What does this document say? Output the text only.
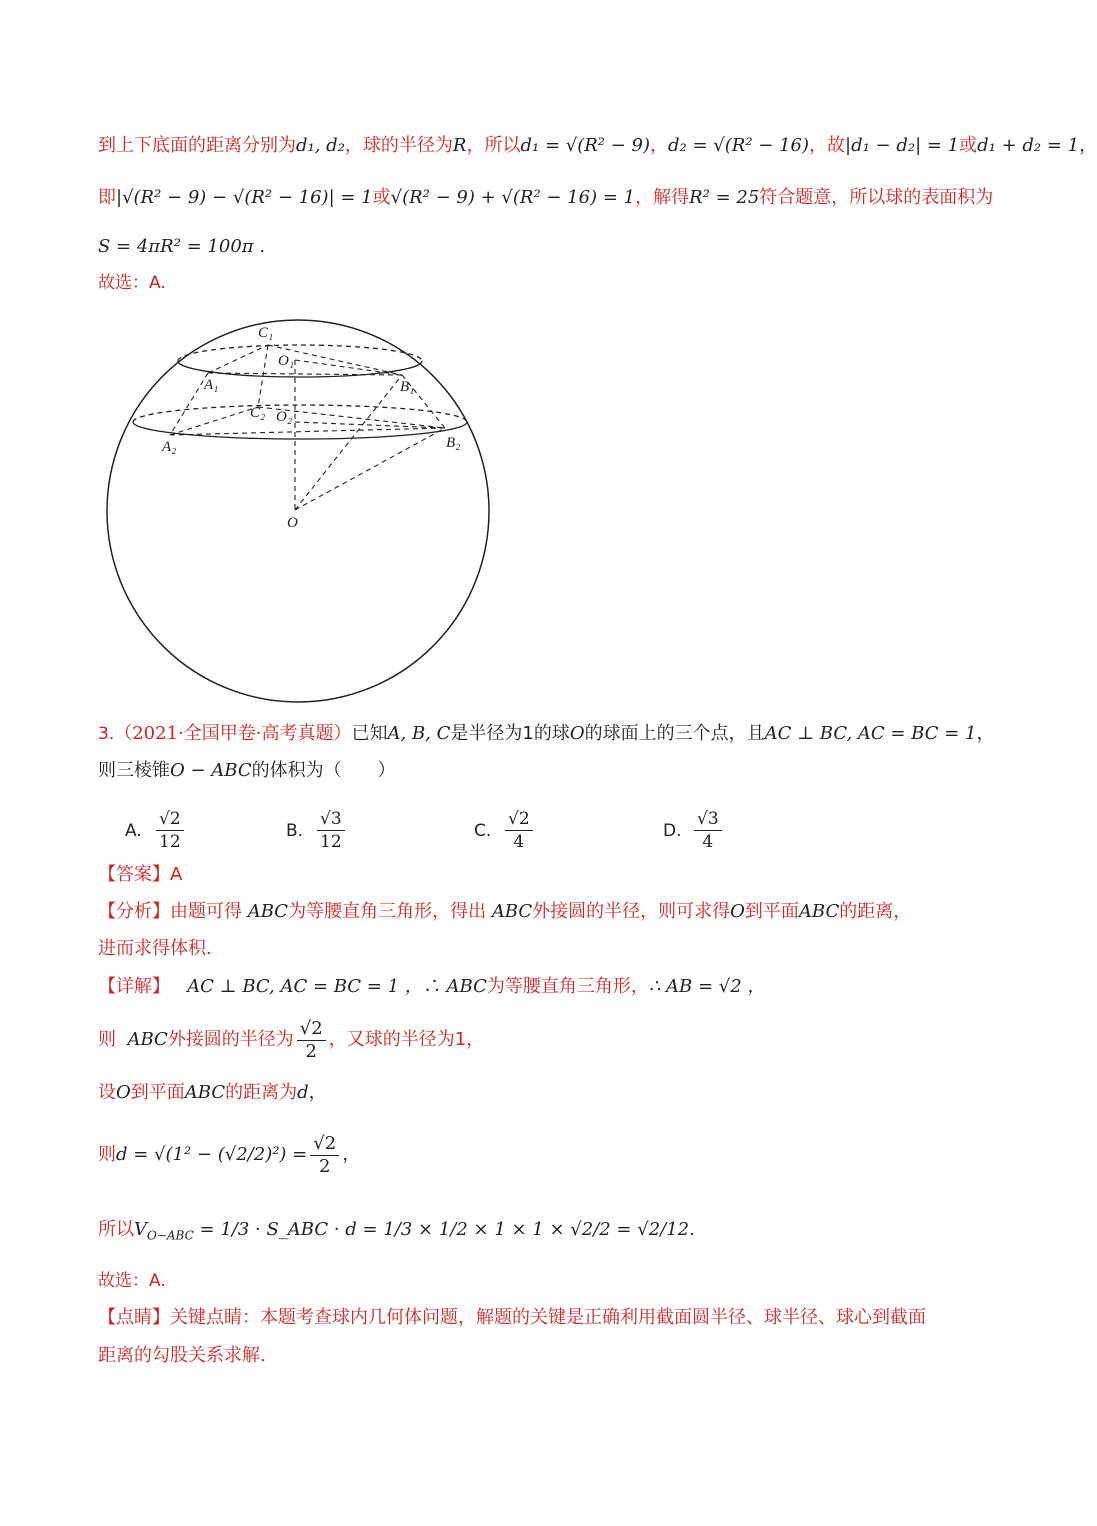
到上下底面的距离分别为d₁, d₂，球的半径为R，所以d₁ = √(R² − 9)，d₂ = √(R² − 16)，故|d₁ − d₂| = 1或d₁ + d₂ = 1，
即|√(R² − 9) − √(R² − 16)| = 1或√(R² − 9) + √(R² − 16) = 1，解得R² = 25符合题意，所以球的表面积为
S = 4πR² = 100π .
故选：A.
C₁
O₁
A₁	B₁
C₂ O₂
A₂	B₂
O
3.（2021·全国甲卷·高考真题）已知A, B, C是半径为1的球O的球面上的三个点，且AC ⊥ BC, AC = BC = 1，
则三棱锥O − ABC的体积为（　　）
A. $\frac{√2}{12}$	B. $\frac{√3}{12}$	C. $\frac{√2}{4}$	D. $\frac{√3}{4}$
【答案】A
【分析】由题可得 ABC为等腰直角三角形，得出 ABC外接圆的半径，则可求得O到平面ABC的距离，
进而求得体积.
【详解】 AC ⊥ BC, AC = BC = 1 ，∴ ABC为等腰直角三角形，∴ AB = √2 ，
则 ABC外接圆的半径为 $\frac{√2}{2}$ ，又球的半径为1，
设O到平面ABC的距离为d，
则$d = √(1^2 - (√2/2)^2) = \frac{√2}{2}$ ，
所以$V_{O-ABC} = 1/3$ · S_ABC · d = 1/3 × 1/2 × 1 × 1 × √2/2 = √2/12.
故选：A.
【点睛】关键点睛：本题考查球内几何体问题，解题的关键是正确利用截面圆半径、球半径、球心到截面
距离的勾股关系求解.
